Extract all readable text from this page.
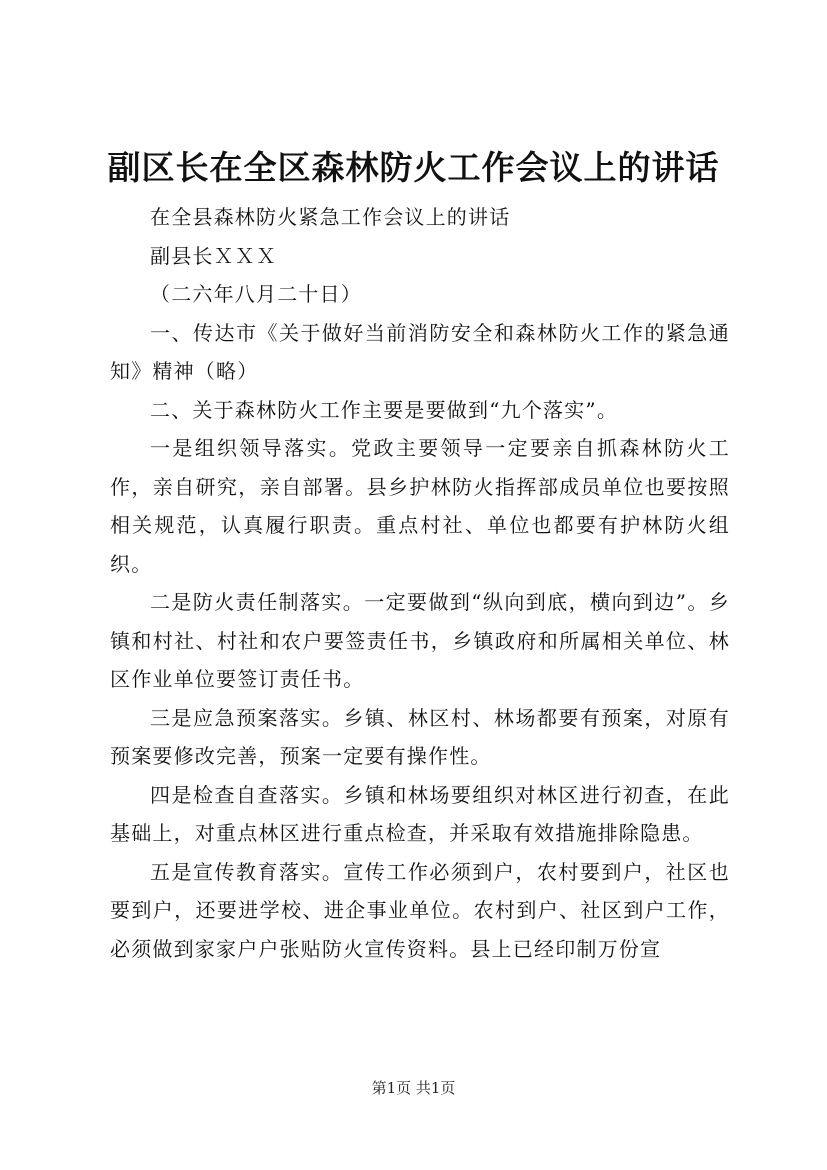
副区长在全区森林防火工作会议上的讲话

在全县森林防火紧急工作会议上的讲话

副县长ＸＸＸ

（二六年八月二十日）

一、传达市《关于做好当前消防安全和森林防火工作的紧急通知》精神（略）

二、关于森林防火工作主要是要做到“九个落实”。

一是组织领导落实。党政主要领导一定要亲自抓森林防火工作，亲自研究，亲自部署。县乡护林防火指挥部成员单位也要按照相关规范，认真履行职责。重点村社、单位也都要有护林防火组织。

二是防火责任制落实。一定要做到“纵向到底，横向到边”。乡镇和村社、村社和农户要签责任书，乡镇政府和所属相关单位、林区作业单位要签订责任书。

三是应急预案落实。乡镇、林区村、林场都要有预案，对原有预案要修改完善，预案一定要有操作性。

四是检查自查落实。乡镇和林场要组织对林区进行初查，在此基础上，对重点林区进行重点检查，并采取有效措施排除隐患。

五是宣传教育落实。宣传工作必须到户，农村要到户，社区也要到户，还要进学校、进企事业单位。农村到户、社区到户工作，必须做到家家户户张贴防火宣传资料。县上已经印制万份宣

第1页 共1页
